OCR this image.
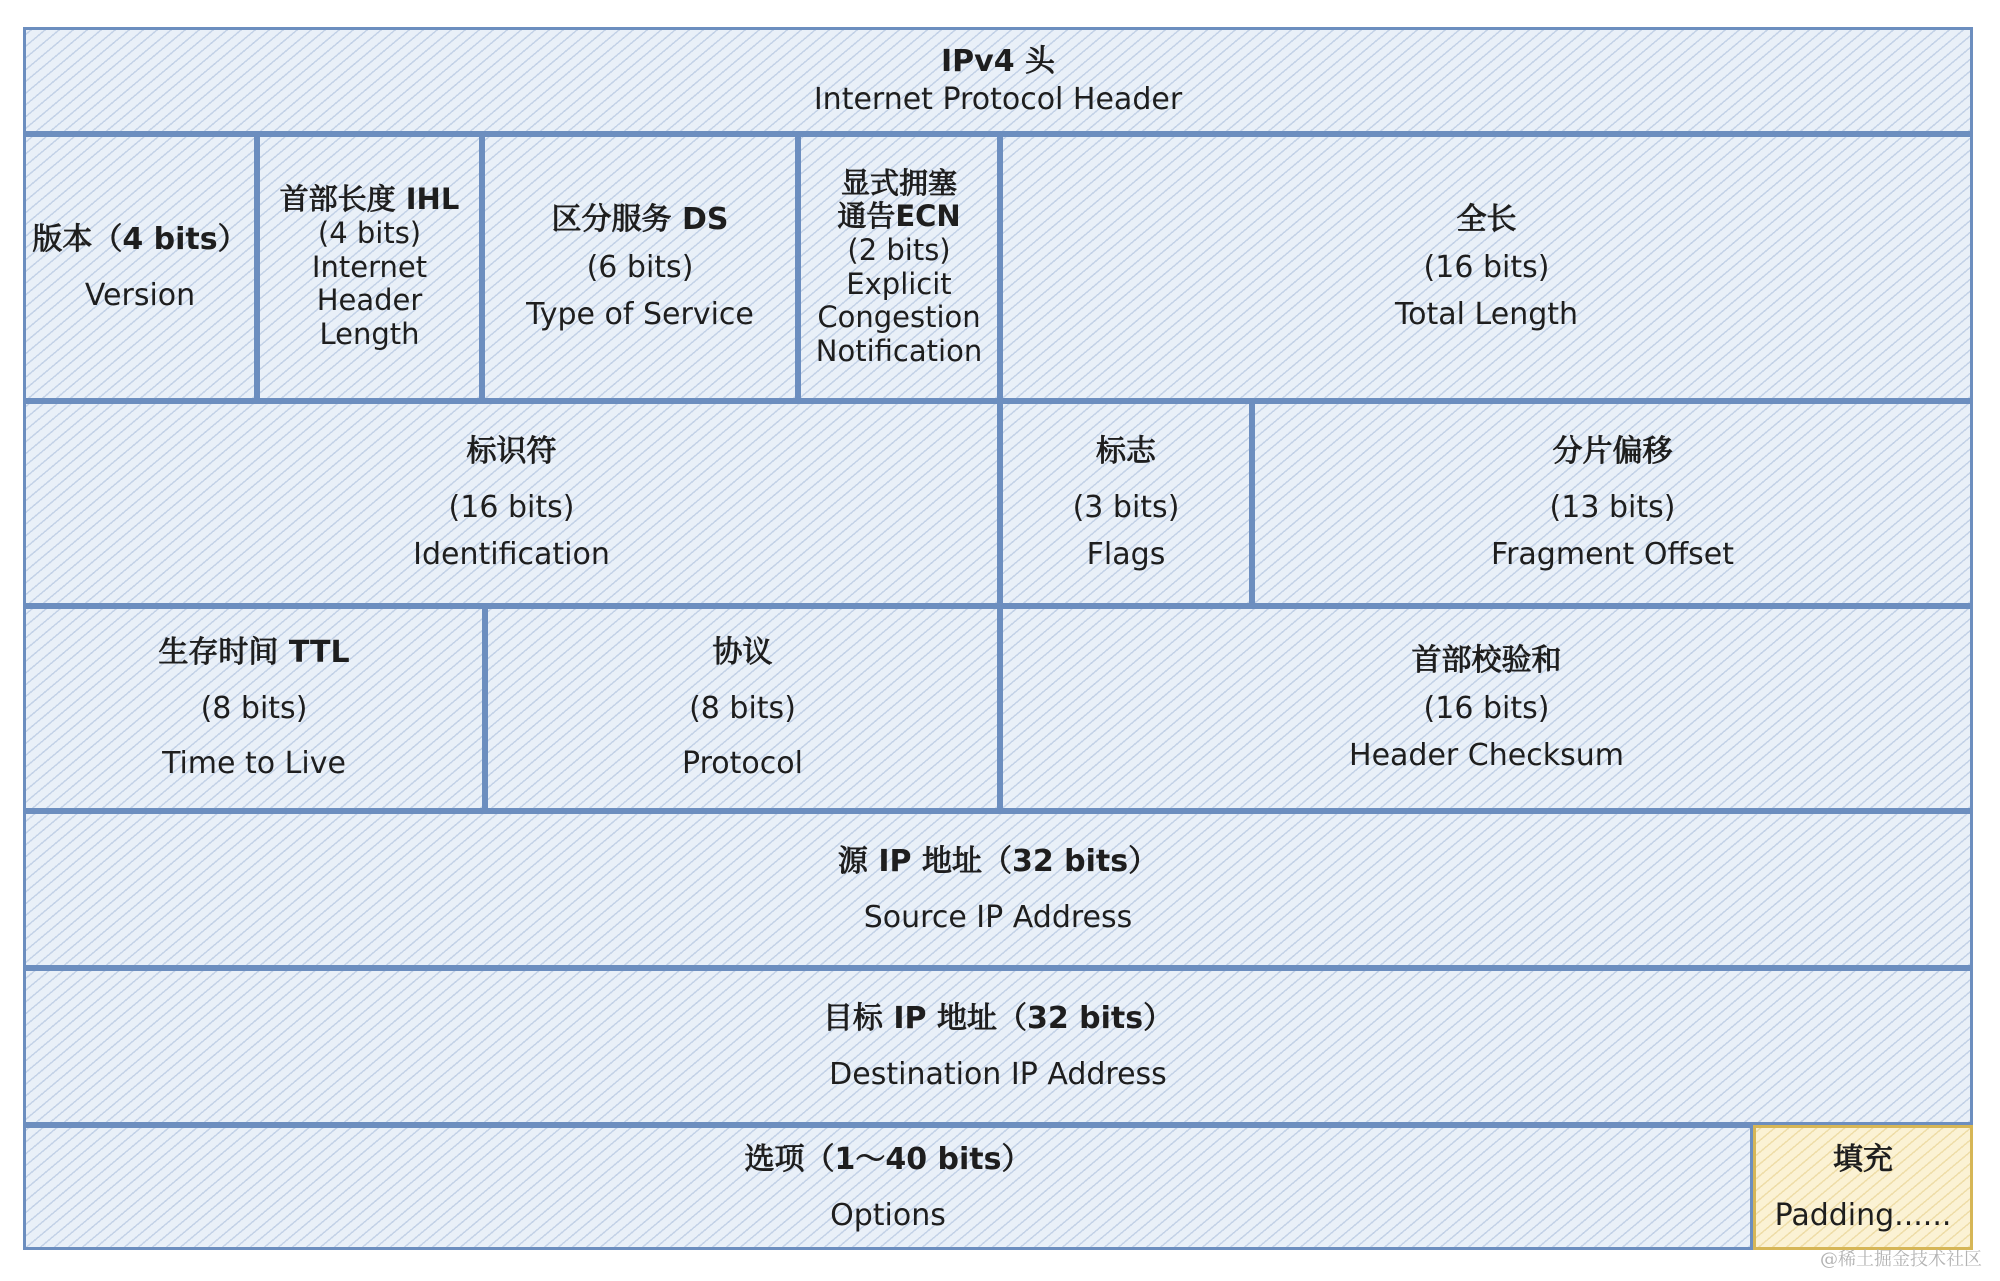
IPv4 头
Internet Protocol Header
版本（4 bits）
Version
首部长度 IHL
(4 bits)
Internet
Header
Length
区分服务 DS
(6 bits)
Type of Service
显式拥塞
通告ECN
(2 bits)
Explicit
Congestion
Notification
全长
(16 bits)
Total Length
标识符
(16 bits)
Identification
标志
(3 bits)
Flags
分片偏移
(13 bits)
Fragment Offset
生存时间 TTL
(8 bits)
Time to Live
协议
(8 bits)
Protocol
首部校验和
(16 bits)
Header Checksum
源 IP 地址（32 bits）
Source IP Address
目标 IP 地址（32 bits）
Destination IP Address
选项（1～40 bits）
Options
填充
Padding......
@稀土掘金技术社区
